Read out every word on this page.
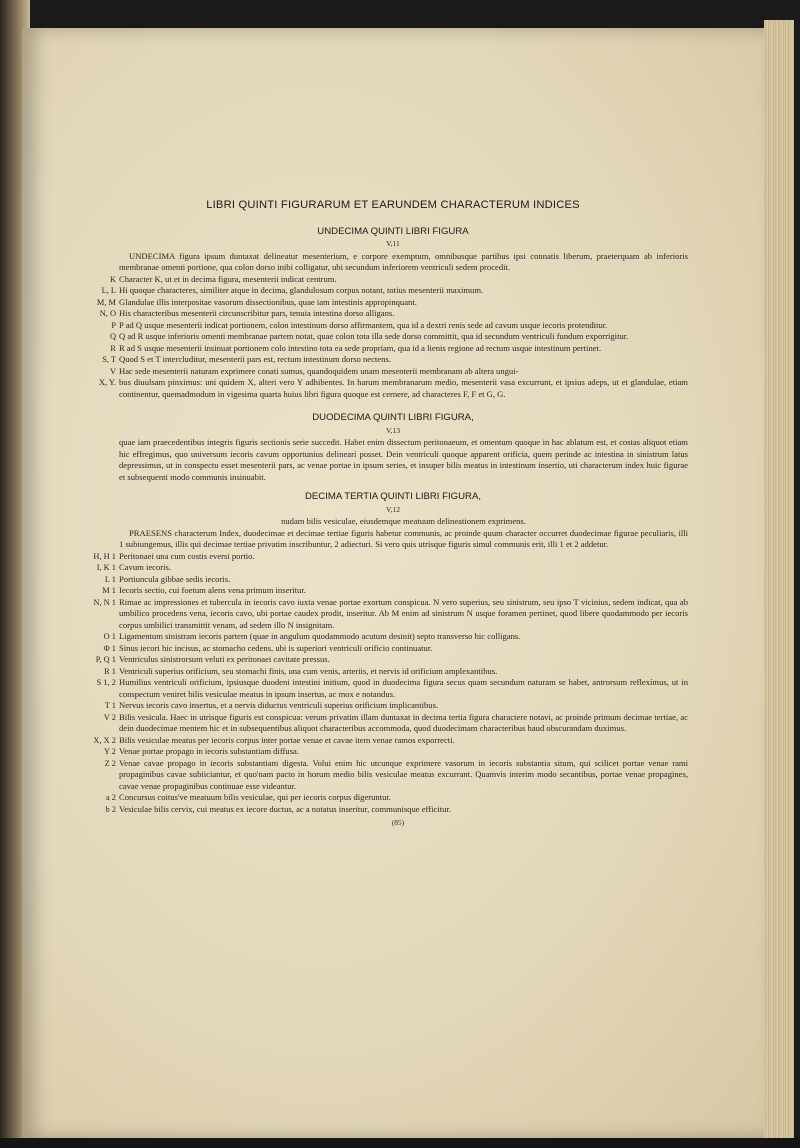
LIBRI QUINTI FIGURARUM ET EARUNDEM CHARACTERUM INDICES
UNDECIMA QUINTI LIBRI FIGURA
V,11
UNDECIMA figura ipsum duntaxat delineatur mesenterium, e corpore exemptum, omnibusque partibus ipsi connatis liberum, praeterquam ab inferioris membranae omenti portione, qua colon dorso inibi colligatur, ubi secundum inferiorem ventriculi sedem procedit.
K Character K, ut et in decima figura, mesenterii indicat centrum.
L, L Hi quoque characteres, similiter atque in decima, glandulosum corpus notant, totius mesenterii maximum.
M, M Glandulae illis interpositae vasorum dissectionibus, quae iam intestinis appropinquant.
N, O His characteribus mesenterii circunscribitur pars, tenuia intestina dorso alligans.
P P ad Q usque mesenterii indicat portionem, colon intestinum dorso affirmantem, qua id a dextri renis sede ad cavum usque iecoris protenditur.
Q Q ad R usque inferioris omenti membranae partem notat, quae colon tota illa sede dorso committit, qua id secundum ventriculi fundum exporrigitur.
R R ad S usque mesenterii insinuat portionem colo intestino tota ea sede propriam, qua id a lienis regione ad rectum usque intestinum pertinet.
S, T Quod S et T intercluditur, mesenterii pars est, rectum intestinum dorso nectens.
V Hac sede mesenterii naturam exprimere conati sumus, quandoquidem unam mesenterii membranam ab altera ungui-
X, Y. bus diuulsam pinximus: uni quidem X, alteri vero Y adhibentes. In harum membranarum medio, mesenterii vasa excurrunt, et ipsius adeps, ut et glandulae, etiam continentur, quemadmodum in vigesima quarta huius libri figura quoque est cernere, ad characteres F, F et G, G.
DUODECIMA QUINTI LIBRI FIGURA,
V,13
quae iam praecedentibus integris figuris sectionis serie succedit. Habet enim dissectum peritonaeum, et omentum quoque in hac ablatum est, et costas aliquot etiam hic effregimus, quo universum iecoris cavum opportunius delinearí posset. Dein ventriculi quoque apparent orificia, quem perinde ac intestina in sinistrum latus depressimus, ut in conspectu esset mesenterii pars, ac venae portae in ipsum series, et insuper bilis meatus in intestinum insertio, uti characterum index huic figurae et subsequenti modo communis insinuabit.
DECIMA TERTIA QUINTI LIBRI FIGURA,
V,12
nudam bilis vesiculae, eiusdemque meatuum delineationem exprimens.
PRAESENS characterum Index, duodecimae et decimae tertiae figuris habetur communis, ac proinde quum character occurret duodecimae figurae peculiaris, illi 1 subiungemus, illis qui decimae tertiae privatim inscribuntur, 2 adiecturi. Si vero quis utrisque figuris simul communis erit, illi 1 et 2 addetur.
H, H 1 Peritonaei una cum costis eversi portio.
I, K 1 Cavum iecoris.
L 1 Portiuncula gibbae sedis iecoris.
M 1 Iecoris sectio, cui foetum alens vena primum inseritur.
N, N 1 Rimae ac impressiones et tubercula in iecoris cavo iuxta venae portae exortum conspicua. N vero superius, seu sinistrum, seu ipso T vicinius, sedem indicat, qua ab umbilico procedens vena, iecoris cavo, ubi portae caudex prodit, inseritur. Ab M enim ad sinistrum N usque foramen pertinet, quod libere quodammodo per iecoris corpus umbilici transmittit venam, ad sedem illo N insignitam.
O 1 Ligamentum sinistram iecoris partem (quae in angulum quodammodo acutum desinit) septo transverso hic colligans.
Φ 1 Sinus iecori hic incisus, ac stomacho cedens, ubi is superiori ventriculi orificio continuatur.
P, Q 1 Ventriculus sinistrorsum veluti ex peritonaei cavitate pressus.
R 1 Ventriculi superius orificium, seu stomachi finis, una cum venis, arteriis, et nervis id orificium amplexantibus.
S 1, 2 Humilius ventriculi orificium, ipsiusque duodeni intestini initium, quod in duodecima figura secus quam secundum naturam se habet, antrorsum reflexímus, ut in conspectum veniret bilis vesiculae meatus in ipsum insertus, ac mox e notandus.
T 1 Nervus iecoris cavo insertus, et a nervis diductus ventriculi superius orificium implicantibus.
V 2 Bilis vesicula. Haec in utrisque figuris est conspicua: verum privatim illam duntaxat in decima tertia figura charactere notavi, ac proinde primum decimae tertiae, ac dein duodecimae mentem hic et in subsequentibus aliquot characteribus accommoda, quod duodecimam characteribus haud obscurandam duximus.
X, X 2 Bilis vesiculae meatus per iecoris corpus inter portae venae et cavae item venae ramos exporrecti.
Y 2 Venae portae propago in iecoris substantiam diffusa.
Z 2 Venae cavae propago in iecoris substantiam digesta. Volui enim hic utcunque exprimere vasorum in iecoris substantia situm, qui scilicet portae venae rami propaginibus cavae subiiciantur, et quo'nam pacto in horum medio bilis vesiculae meatus excurrant. Quamvis interim modo secantibus, portae venae propagines, cavae venae propaginibus continuae esse videantur.
a 2 Concursus coitus've meatuum bilis vesiculae, qui per iecoris corpus digeruntur.
b 2 Vesiculae bilis cervix, cui meatus ex iecore ductus, ac a notatus inseritur, communisque efficitur.
(85)
